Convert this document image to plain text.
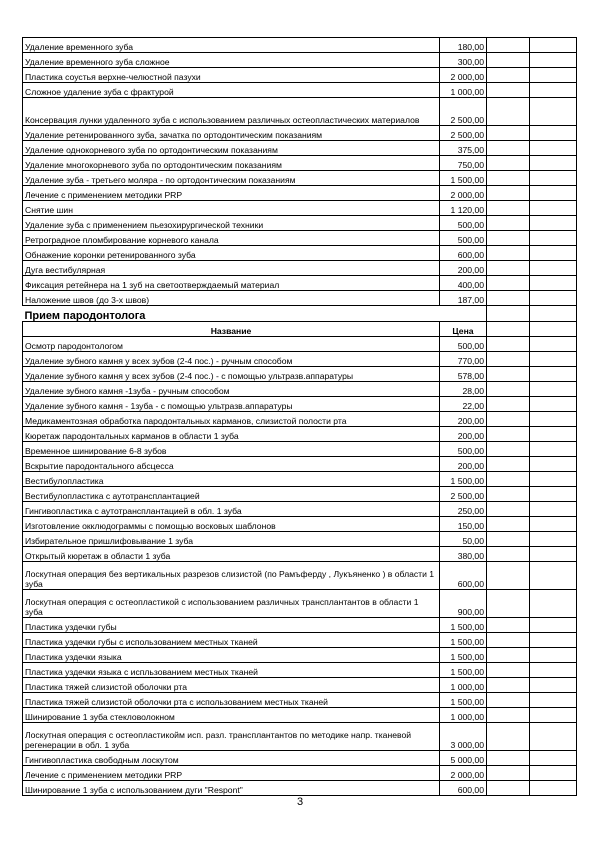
Удаление временного зуба	180,00		
Удаление временного зуба сложное	300,00		
Пластика соустья верхне-челюстной пазухи	2 000,00		
Сложное удаление зуба с фрактурой	1 000,00		
Консервация лунки удаленного зуба с использованием различных остеопластических материалов	2 500,00		
Удаление ретенированного зуба, зачатка по ортодонтическим показаниям	2 500,00		
Удаление однокорневого зуба по ортодонтическим показаниям	375,00		
Удаление многокорневого зуба по ортодонтическим показаниям	750,00		
Удаление зуба - третьего моляра - по ортодонтическим показаниям	1 500,00		
Лечение с применением методики PRP	2 000,00		
Снятие шин	1 120,00		
Удаление зуба с применением пьезохирургической техники	500,00		
Ретроградное пломбирование корневого канала	500,00		
Обнажение коронки ретенированного зуба	600,00		
Дуга вестибулярная	200,00		
Фиксация ретейнера на 1 зуб на светоотверждаемый материал	400,00		
Наложение швов (до 3-х швов)	187,00		
Прием пародонтолога			
Название	Цена		
Осмотр пародонтологом	500,00		
Удаление зубного камня у всех зубов (2-4 пос.) - ручным способом	770,00		
Удаление зубного камня у всех зубов (2-4 пос.) - с помощью ультразв.аппаратуры	578,00		
Удаление зубного камня -1зуба - ручным способом	28,00		
Удаление зубного камня - 1зуба - с помощью ультразв.аппаратуры	22,00		
Медикаментозная обработка пародонтальных карманов, слизистой полости рта	200,00		
Кюретаж пародонтальных карманов в области 1 зуба	200,00		
Временное шинирование 6-8 зубов	500,00		
Вскрытие пародонтального абсцесса	200,00		
Вестибулопластика	1 500,00		
Вестибулопластика с аутотрансплантацией	2 500,00		
Гингивопластика с аутотрансплантацией в обл. 1 зуба	250,00		
Изготовление окклюдограммы с помощью восковых шаблонов	150,00		
Избирательное пришлифовывание 1 зуба	50,00		
Открытый кюретаж в области 1 зуба	380,00		
Лоскутная операция без вертикальных разрезов слизистой (по Рамъферду , Лукъяненко ) в области 1 зуба	600,00		
Лоскутная операция с остеопластикой с использованием различных трансплантантов в области 1 зуба	900,00		
Пластика уздечки губы	1 500,00		
Пластика уздечки губы с использованием местных тканей	1 500,00		
Пластика уздечки языка	1 500,00		
Пластика уздечки языка с испльзованием местных тканей	1 500,00		
Пластика тяжей слизистой оболочки рта	1 000,00		
Пластика тяжей слизистой оболочки рта с использованием местных тканей	1 500,00		
Шинирование 1 зуба стекловолокном	1 000,00		
Лоскутная операция с остеопластикойм исп. разл. трансплантантов по методике напр. тканевой регенерации в обл. 1 зуба	3 000,00		
Гингивопластика свободным лоскутом	5 000,00		
Лечение с применением методики PRP	2 000,00		
Шинирование 1 зуба с использованием дуги "Respont"	600,00		
3
